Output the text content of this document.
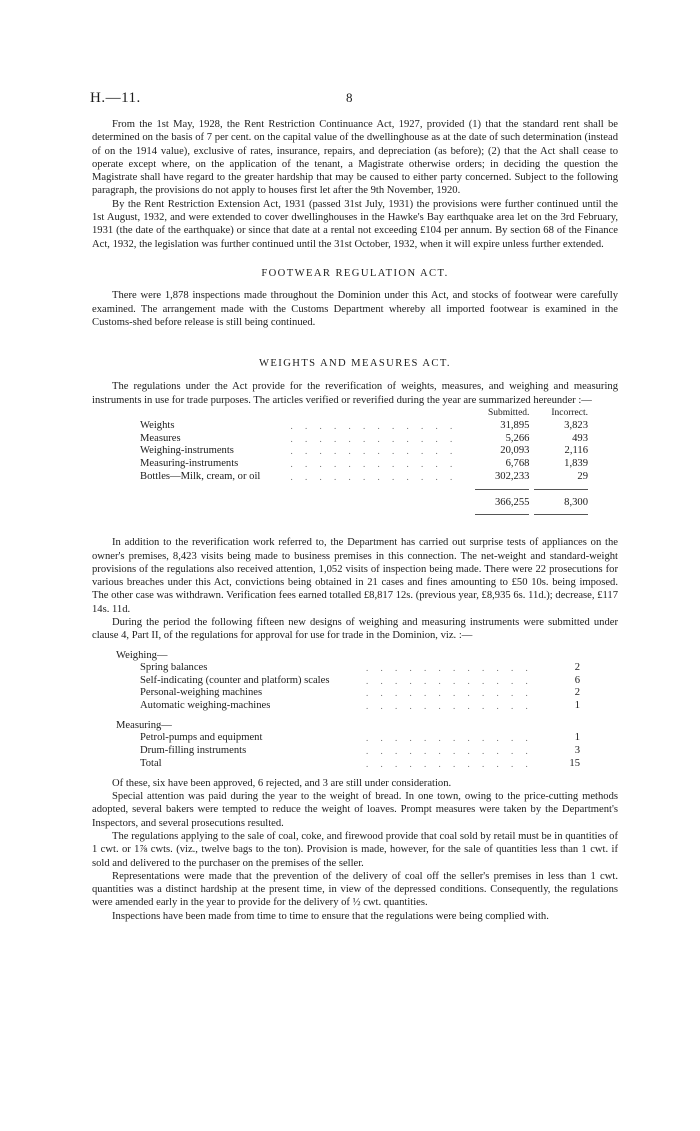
H.—11.	8

From the 1st May, 1928, the Rent Restriction Continuance Act, 1927, provided (1) that the standard rent shall be determined on the basis of 7 per cent. on the capital value of the dwellinghouse as at the date of such determination (instead of on the 1914 value), exclusive of rates, insurance, repairs, and depreciation (as before); (2) that the Act shall cease to operate except where, on the application of the tenant, a Magistrate otherwise orders; in deciding the question the Magistrate shall have regard to the greater hardship that may be caused to either party concerned. Subject to the following paragraph, the provisions do not apply to houses first let after the 9th November, 1920.

By the Rent Restriction Extension Act, 1931 (passed 31st July, 1931) the provisions were further continued until the 1st August, 1932, and were extended to cover dwellinghouses in the Hawke's Bay earthquake area let on the 3rd February, 1931 (the date of the earthquake) or since that date at a rental not exceeding £104 per annum. By section 68 of the Finance Act, 1932, the legislation was further continued until the 31st October, 1932, when it will expire unless further extended.

FOOTWEAR REGULATION ACT.

There were 1,878 inspections made throughout the Dominion under this Act, and stocks of footwear were carefully examined. The arrangement made with the Customs Department whereby all imported footwear is examined in the Customs-shed before release is still being continued.

WEIGHTS AND MEASURES ACT.

The regulations under the Act provide for the reverification of weights, measures, and weighing and measuring instruments in use for trade purposes. The articles verified or reverified during the year are summarized hereunder :—

		Submitted.	Incorrect.
Weights	. . . . . . . . . . . .	31,895	3,823
Measures	. . . . . . . . . . . .	5,266	493
Weighing-instruments	. . . . . . . . . . . .	20,093	2,116
Measuring-instruments	. . . . . . . . . . . .	6,768	1,839
Bottles—Milk, cream, or oil	. . . . . . . . . . . .	302,233	29

		366,255	8,300

In addition to the reverification work referred to, the Department has carried out surprise tests of appliances on the owner's premises, 8,423 visits being made to business premises in this connection. The net-weight and standard-weight provisions of the regulations also received attention, 1,052 visits of inspection being made. There were 22 prosecutions for various breaches under this Act, convictions being obtained in 21 cases and fines amounting to £50 10s. being imposed. The other case was withdrawn. Verification fees earned totalled £8,817 12s. (previous year, £8,935 6s. 11d.); decrease, £117 14s. 11d.

During the period the following fifteen new designs of weighing and measuring instruments were submitted under clause 4, Part II, of the regulations for approval for use for trade in the Dominion, viz. :—

Weighing—
Spring balances	. . . . . . . . . . . .	2
Self-indicating (counter and platform) scales	. . . . . . . . . . . .	6
Personal-weighing machines	. . . . . . . . . . . .	2
Automatic weighing-machines	. . . . . . . . . . . .	1
Measuring—
Petrol-pumps and equipment	. . . . . . . . . . . .	1
Drum-filling instruments	. . . . . . . . . . . .	3
Total	. . . . . . . . . . . .	15

Of these, six have been approved, 6 rejected, and 3 are still under consideration.

Special attention was paid during the year to the weight of bread. In one town, owing to the price-cutting methods adopted, several bakers were tempted to reduce the weight of loaves. Prompt measures were taken by the Department's Inspectors, and several prosecutions resulted.

The regulations applying to the sale of coal, coke, and firewood provide that coal sold by retail must be in quantities of 1 cwt. or 1⅞ cwts. (viz., twelve bags to the ton). Provision is made, however, for the sale of quantities less than 1 cwt. if sold and delivered to the purchaser on the premises of the seller.

Representations were made that the prevention of the delivery of coal off the seller's premises in less than 1 cwt. quantities was a distinct hardship at the present time, in view of the depressed conditions. Consequently, the regulations were amended early in the year to provide for the delivery of ½ cwt. quantities.

Inspections have been made from time to time to ensure that the regulations were being complied with.
